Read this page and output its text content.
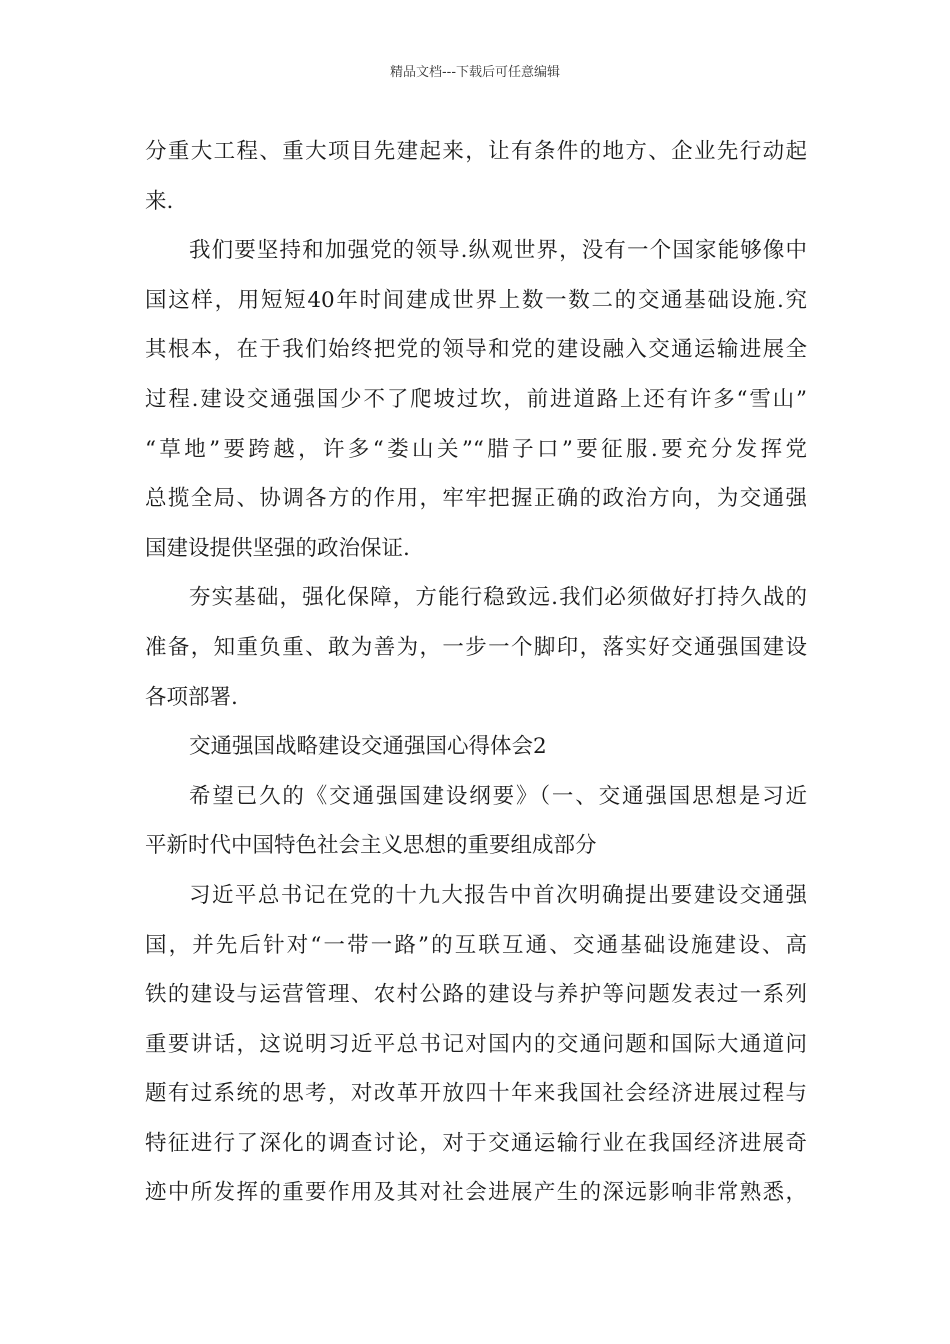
精品文档---下载后可任意编辑
分重大工程、重大项目先建起来，让有条件的地方、企业先行动起
来.
我们要坚持和加强党的领导.纵观世界，没有一个国家能够像中
国这样，用短短40年时间建成世界上数一数二的交通基础设施.究
其根本，在于我们始终把党的领导和党的建设融入交通运输进展全
过程.建设交通强国少不了爬坡过坎，前进道路上还有许多“雪山”
“草地”要跨越，许多“娄山关”“腊子口”要征服.要充分发挥党
总揽全局、协调各方的作用，牢牢把握正确的政治方向，为交通强
国建设提供坚强的政治保证.
夯实基础，强化保障，方能行稳致远.我们必须做好打持久战的
准备，知重负重、敢为善为，一步一个脚印，落实好交通强国建设
各项部署.
交通强国战略建设交通强国心得体会2
希望已久的《交通强国建设纲要》（一、交通强国思想是习近
平新时代中国特色社会主义思想的重要组成部分
习近平总书记在党的十九大报告中首次明确提出要建设交通强
国，并先后针对“一带一路”的互联互通、交通基础设施建设、高
铁的建设与运营管理、农村公路的建设与养护等问题发表过一系列
重要讲话，这说明习近平总书记对国内的交通问题和国际大通道问
题有过系统的思考，对改革开放四十年来我国社会经济进展过程与
特征进行了深化的调查讨论，对于交通运输行业在我国经济进展奇
迹中所发挥的重要作用及其对社会进展产生的深远影响非常熟悉，
